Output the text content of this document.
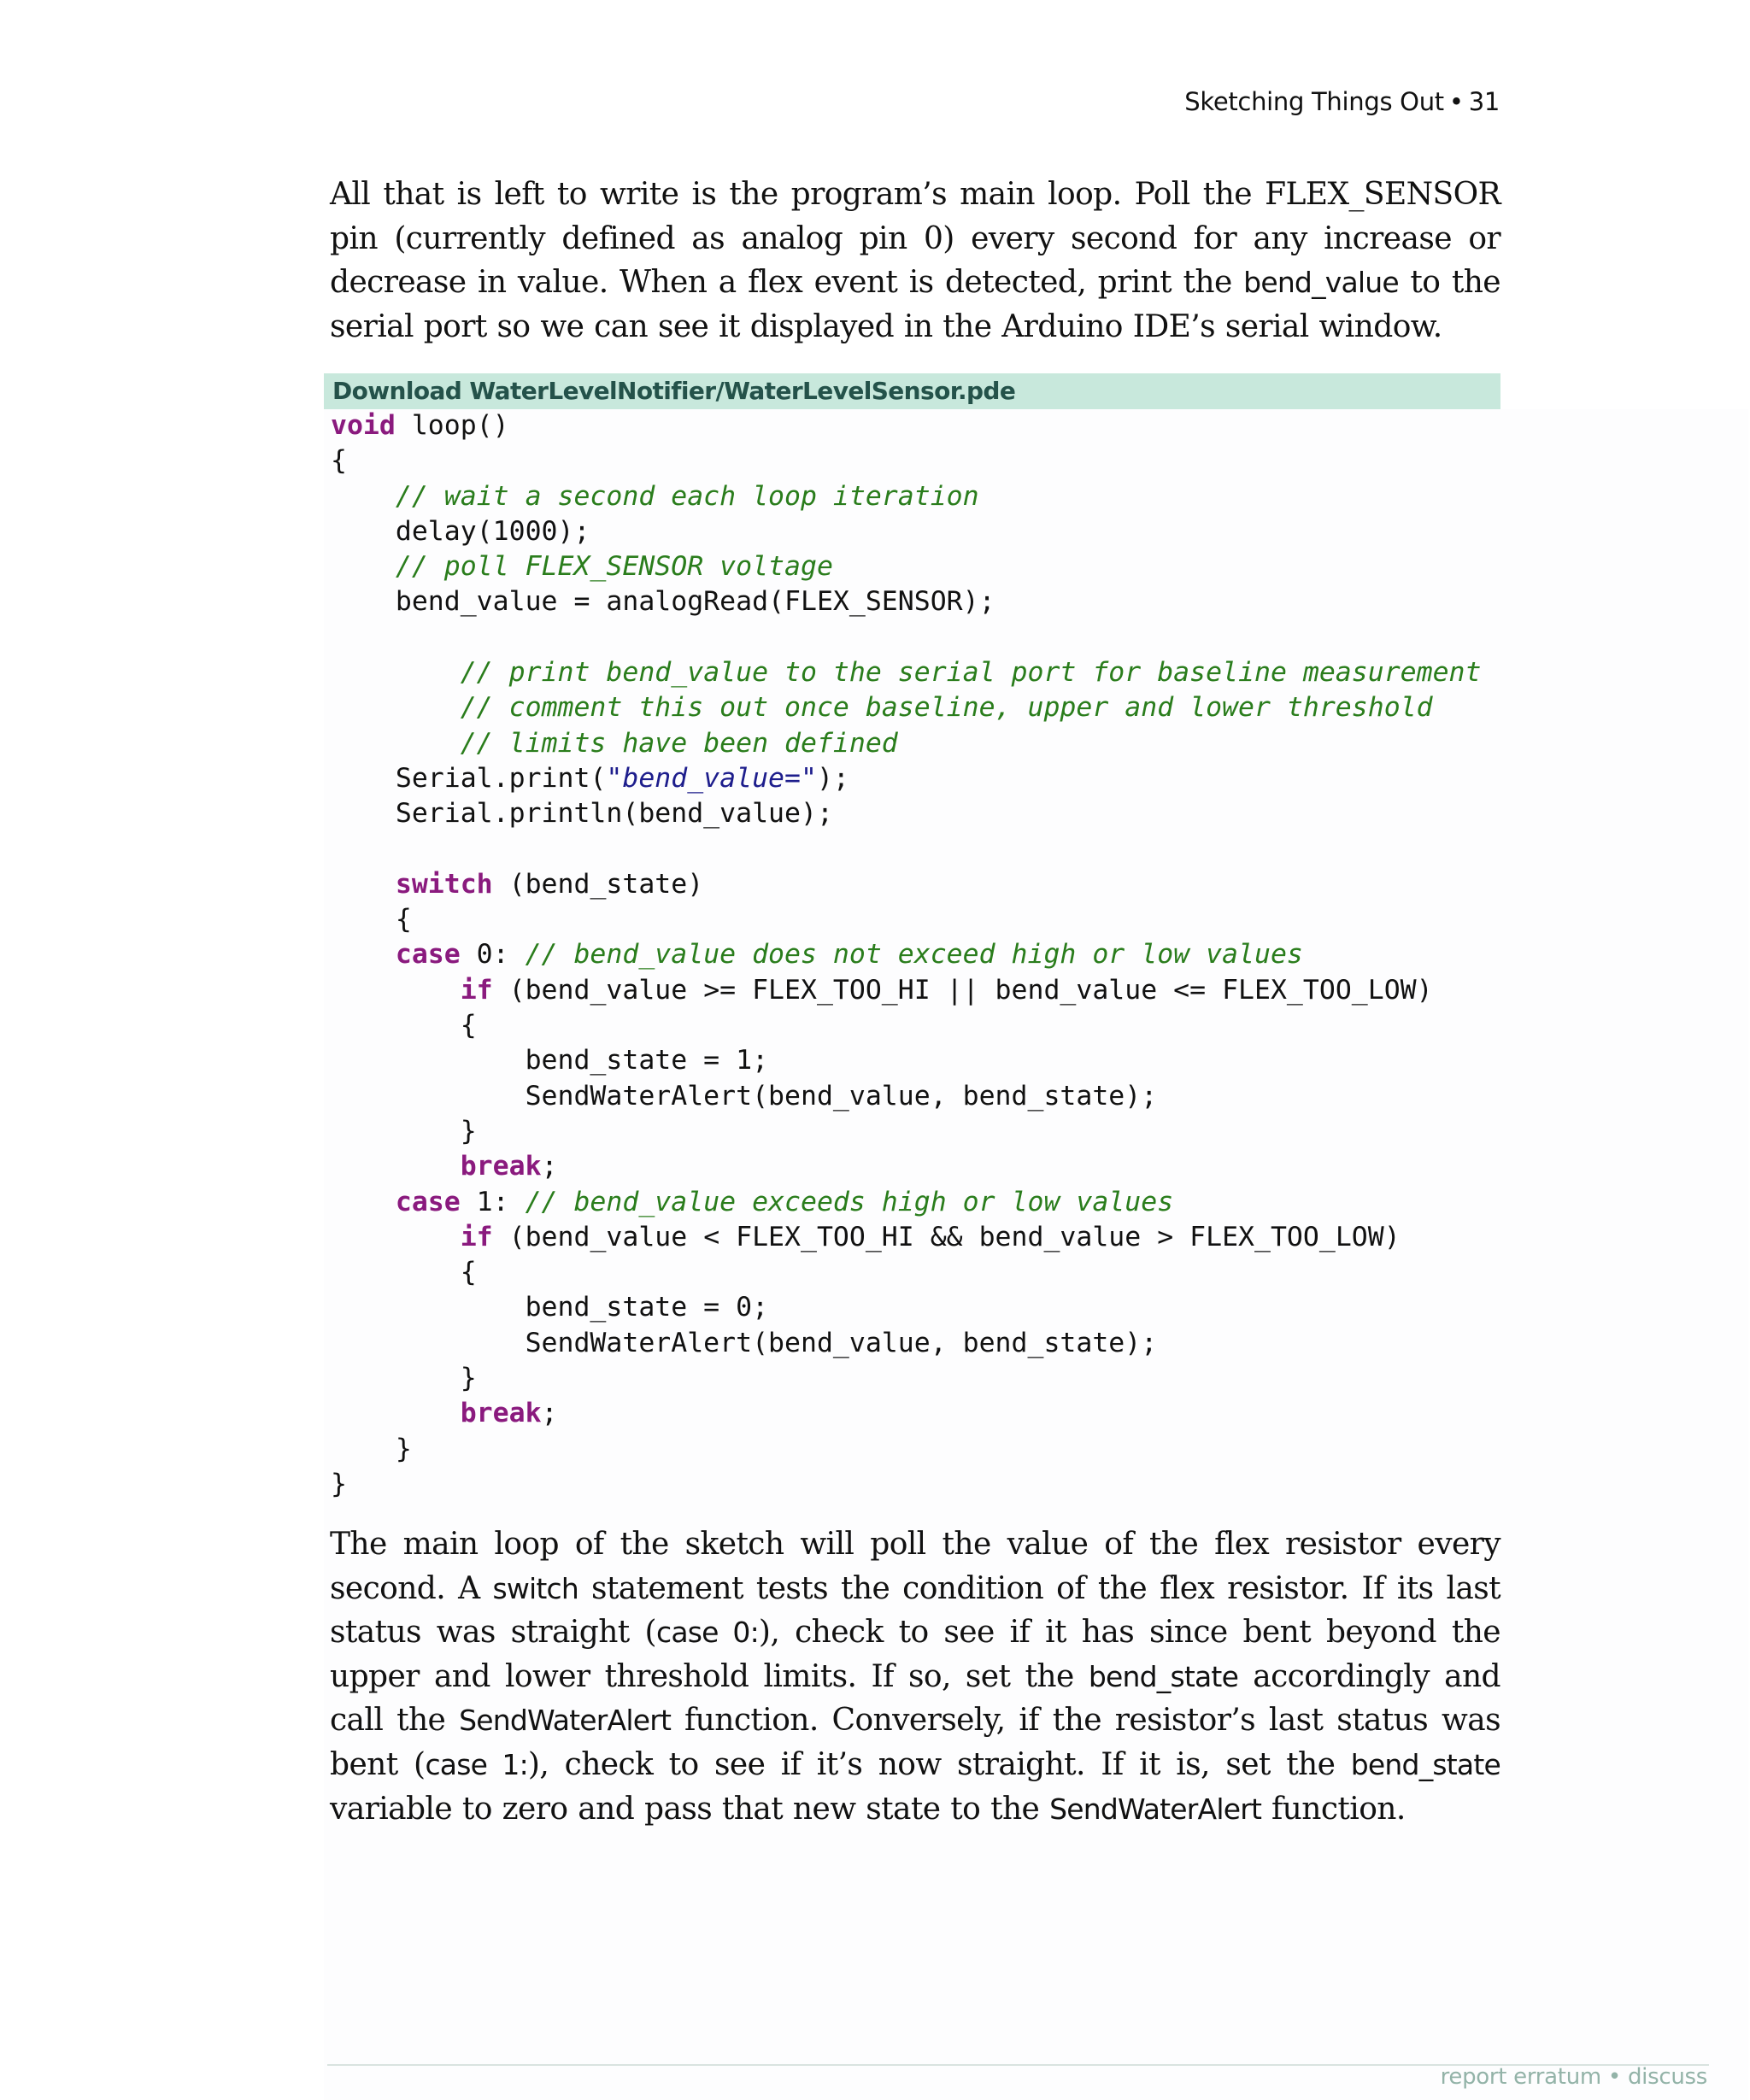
Sketching Things Out • 31

All that is left to write is the program’s main loop. Poll the FLEX_SENSOR pin (currently defined as analog pin 0) every second for any increase or decrease in value. When a flex event is detected, print the bend_value to the serial port so we can see it displayed in the Arduino IDE’s serial window.

Download WaterLevelNotifier/WaterLevelSensor.pde
void loop()
{
// wait a second each loop iteration
delay(1000);
// poll FLEX_SENSOR voltage
bend_value = analogRead(FLEX_SENSOR);
// print bend_value to the serial port for baseline measurement
// comment this out once baseline, upper and lower threshold
// limits have been defined
Serial.print("bend_value=");
Serial.println(bend_value);
switch (bend_state)
{
case 0: // bend_value does not exceed high or low values
if (bend_value >= FLEX_TOO_HI || bend_value <= FLEX_TOO_LOW)
{
bend_state = 1;
SendWaterAlert(bend_value, bend_state);
}
break;
case 1: // bend_value exceeds high or low values
if (bend_value < FLEX_TOO_HI && bend_value > FLEX_TOO_LOW)
{
bend_state = 0;
SendWaterAlert(bend_value, bend_state);
}
break;
}
}

The main loop of the sketch will poll the value of the flex resistor every second. A switch statement tests the condition of the flex resistor. If its last status was straight (case 0:), check to see if it has since bent beyond the upper and lower threshold limits. If so, set the bend_state accordingly and call the SendWaterAlert function. Conversely, if the resistor’s last status was bent (case 1:), check to see if it’s now straight. If it is, set the bend_state variable to zero and pass that new state to the SendWaterAlert function.

report erratum • discuss
